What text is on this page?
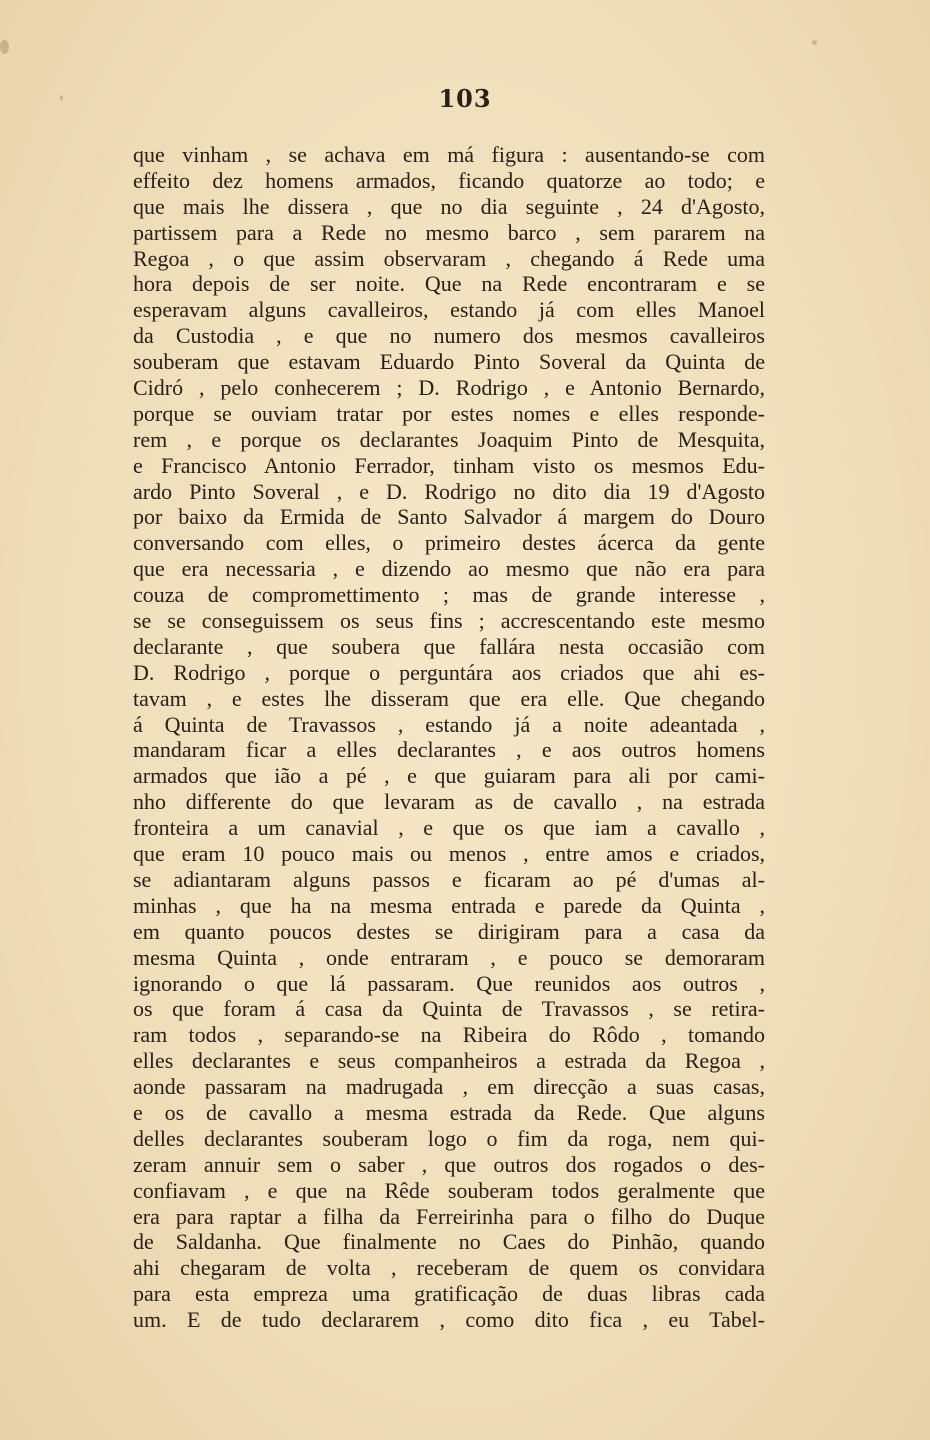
103
que vinham , se achava em má figura : ausentando-se com
effeito dez homens armados, ficando quatorze ao todo; e
que mais lhe dissera , que no dia seguinte , 24 d'Agosto,
partissem para a Rede no mesmo barco , sem pararem na
Regoa , o que assim observaram , chegando á Rede uma
hora depois de ser noite. Que na Rede encontraram e se
esperavam alguns cavalleiros, estando já com elles Manoel
da Custodia , e que no numero dos mesmos cavalleiros
souberam que estavam Eduardo Pinto Soveral da Quinta de
Cidró , pelo conhecerem ; D. Rodrigo , e Antonio Bernardo,
porque se ouviam tratar por estes nomes e elles responde-
rem , e porque os declarantes Joaquim Pinto de Mesquita,
e Francisco Antonio Ferrador, tinham visto os mesmos Edu-
ardo Pinto Soveral , e D. Rodrigo no dito dia 19 d'Agosto
por baixo da Ermida de Santo Salvador á margem do Douro
conversando com elles, o primeiro destes ácerca da gente
que era necessaria , e dizendo ao mesmo que não era para
couza de compromettimento ; mas de grande interesse ,
se se conseguissem os seus fins ; accrescentando este mesmo
declarante , que soubera que fallára nesta occasião com
D. Rodrigo , porque o perguntára aos criados que ahi es-
tavam , e estes lhe disseram que era elle. Que chegando
á Quinta de Travassos , estando já a noite adeantada ,
mandaram ficar a elles declarantes , e aos outros homens
armados que ião a pé , e que guiaram para ali por cami-
nho differente do que levaram as de cavallo , na estrada
fronteira a um canavial , e que os que iam a cavallo ,
que eram 10 pouco mais ou menos , entre amos e criados,
se adiantaram alguns passos e ficaram ao pé d'umas al-
minhas , que ha na mesma entrada e parede da Quinta ,
em quanto poucos destes se dirigiram para a casa da
mesma Quinta , onde entraram , e pouco se demoraram
ignorando o que lá passaram. Que reunidos aos outros ,
os que foram á casa da Quinta de Travassos , se retira-
ram todos , separando-se na Ribeira do Rôdo , tomando
elles declarantes e seus companheiros a estrada da Regoa ,
aonde passaram na madrugada , em direcção a suas casas,
e os de cavallo a mesma estrada da Rede. Que alguns
delles declarantes souberam logo o fim da roga, nem qui-
zeram annuir sem o saber , que outros dos rogados o des-
confiavam , e que na Rêde souberam todos geralmente que
era para raptar a filha da Ferreirinha para o filho do Duque
de Saldanha. Que finalmente no Caes do Pinhão, quando
ahi chegaram de volta , receberam de quem os convidara
para esta empreza uma gratificação de duas libras cada
um. E de tudo declararem , como dito fica , eu Tabel-
